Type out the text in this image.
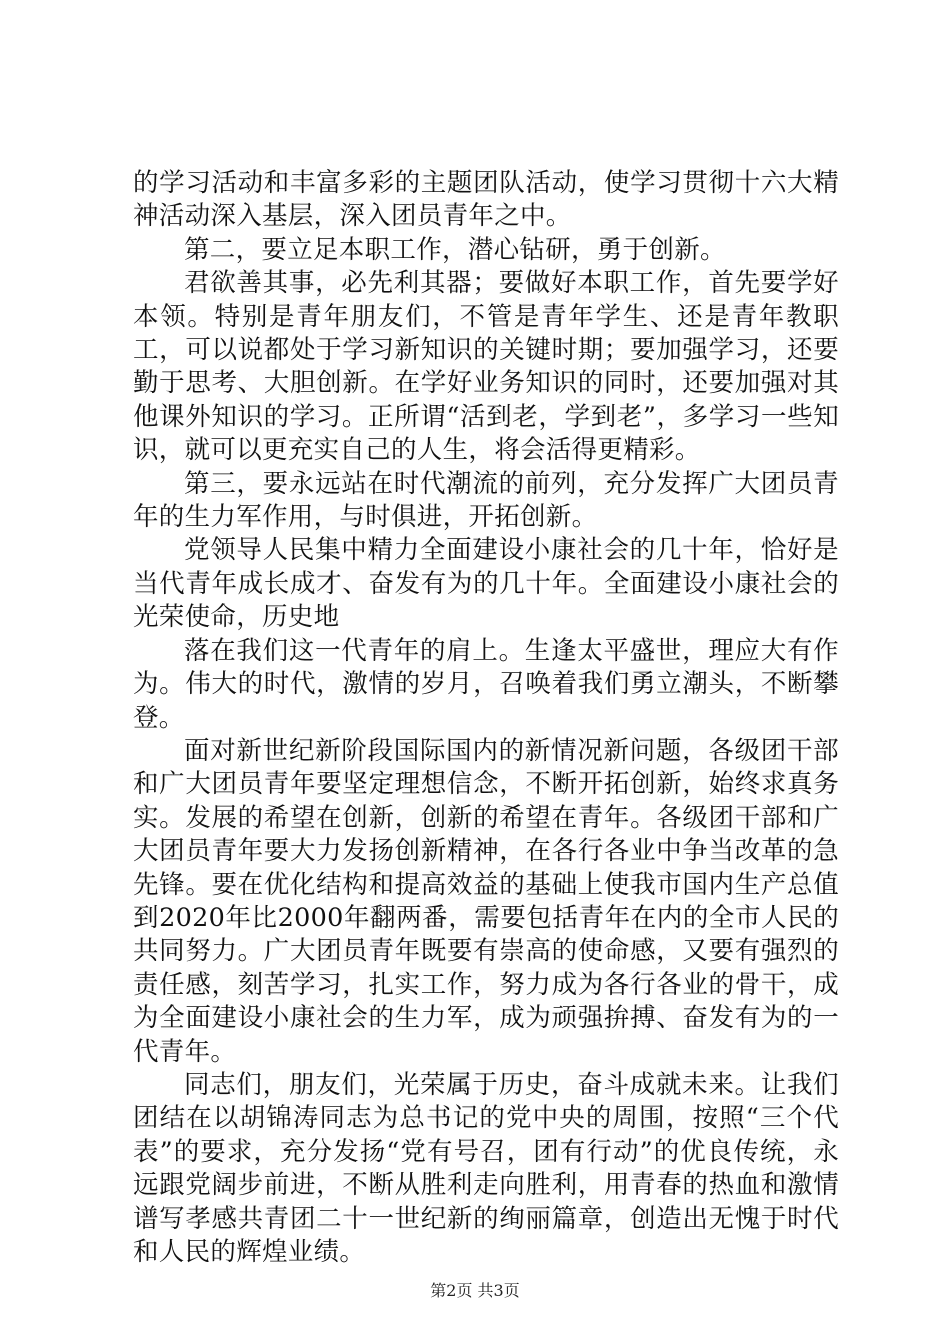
的学习活动和丰富多彩的主题团队活动，使学习贯彻十六大精神活动深入基层，深入团员青年之中。

第二，要立足本职工作，潜心钻研，勇于创新。

君欲善其事，必先利其器；要做好本职工作，首先要学好本领。特别是青年朋友们，不管是青年学生、还是青年教职工，可以说都处于学习新知识的关键时期；要加强学习，还要勤于思考、大胆创新。在学好业务知识的同时，还要加强对其他课外知识的学习。正所谓“活到老，学到老”，多学习一些知识，就可以更充实自己的人生，将会活得更精彩。

第三，要永远站在时代潮流的前列，充分发挥广大团员青年的生力军作用，与时俱进，开拓创新。

党领导人民集中精力全面建设小康社会的几十年，恰好是当代青年成长成才、奋发有为的几十年。全面建设小康社会的光荣使命，历史地

落在我们这一代青年的肩上。生逢太平盛世，理应大有作为。伟大的时代，激情的岁月，召唤着我们勇立潮头，不断攀登。

面对新世纪新阶段国际国内的新情况新问题，各级团干部和广大团员青年要坚定理想信念，不断开拓创新，始终求真务实。发展的希望在创新，创新的希望在青年。各级团干部和广大团员青年要大力发扬创新精神，在各行各业中争当改革的急先锋。要在优化结构和提高效益的基础上使我市国内生产总值到2020年比2000年翻两番，需要包括青年在内的全市人民的共同努力。广大团员青年既要有崇高的使命感，又要有强烈的责任感，刻苦学习，扎实工作，努力成为各行各业的骨干，成为全面建设小康社会的生力军，成为顽强拚搏、奋发有为的一代青年。

同志们，朋友们，光荣属于历史，奋斗成就未来。让我们团结在以胡锦涛同志为总书记的党中央的周围，按照“三个代表”的要求，充分发扬“党有号召，团有行动”的优良传统，永远跟党阔步前进，不断从胜利走向胜利，用青春的热血和激情谱写孝感共青团二十一世纪新的绚丽篇章，创造出无愧于时代和人民的辉煌业绩。

第2页 共3页
